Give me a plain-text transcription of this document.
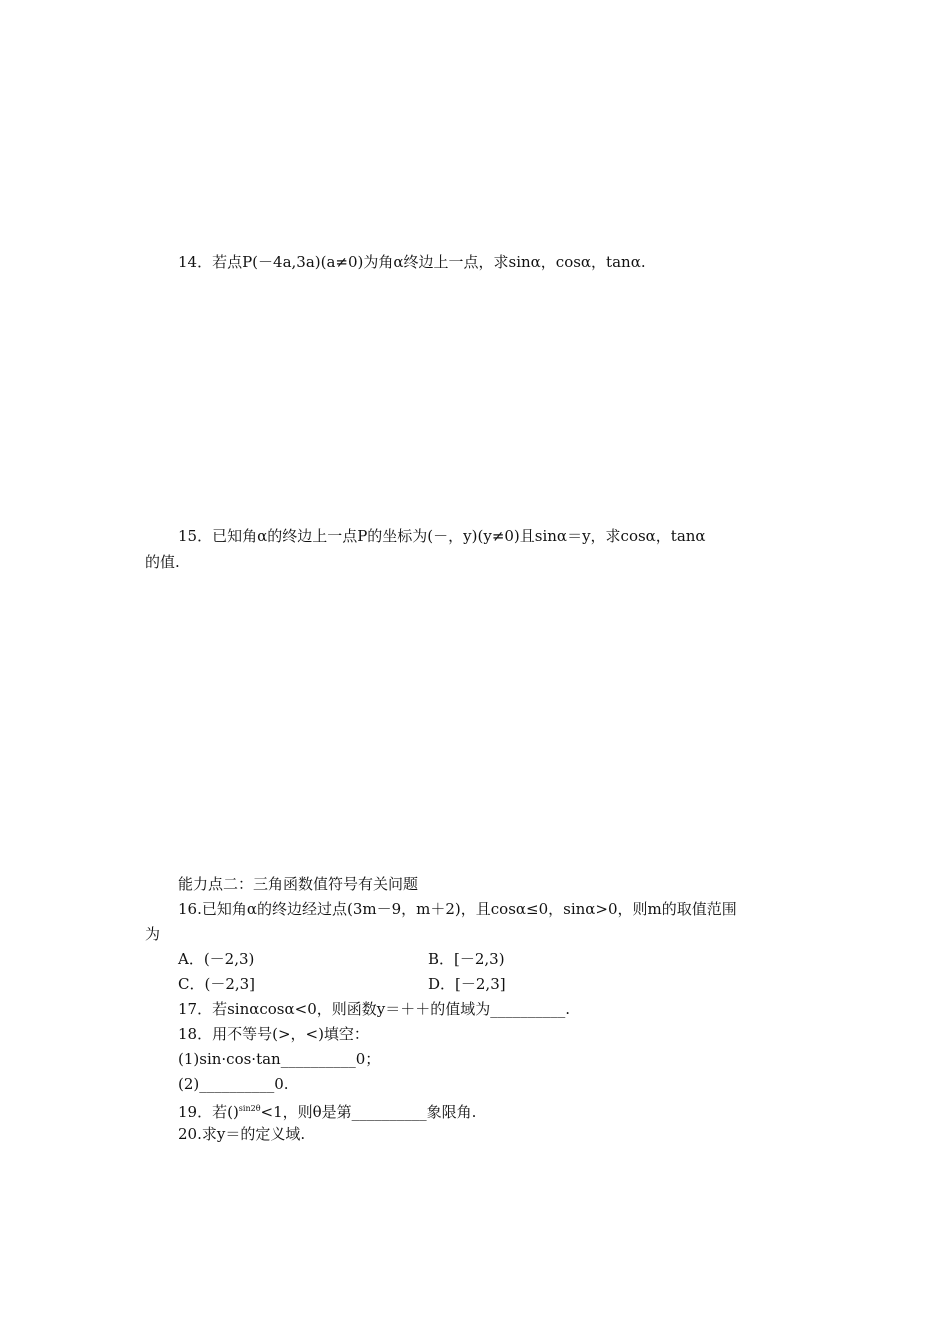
14．若点P(－4a,3a)(a≠0)为角α终边上一点，求sinα，cosα，tanα.
15．已知角α的终边上一点P的坐标为(－，y)(y≠0)且sinα＝y，求cosα，tanα
的值.
能力点二：三角函数值符号有关问题
16.已知角α的终边经过点(3m－9，m＋2)，且cosα≤0，sinα>0，则m的取值范围
为
A．(－2,3)	B．[－2,3)
C．(－2,3]	D．[－2,3]
17．若sinαcosα<0，则函数y＝＋＋的值域为__________.
18．用不等号(>，<)填空：
(1)sin·cos·tan__________0；
(2)__________0.
19．若()$^{sin2\theta}$<1，则θ是第__________象限角.
20.求y＝的定义域.
